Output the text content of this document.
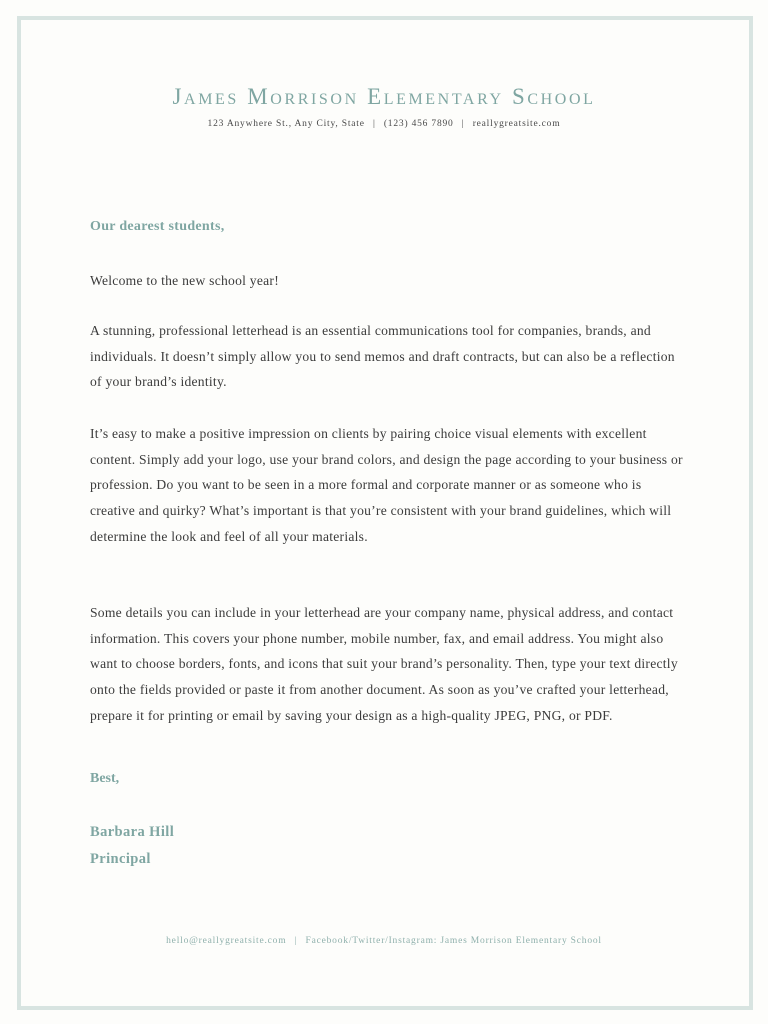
James Morrison Elementary School
123 Anywhere St., Any City, State | (123) 456 7890 | reallygreatsite.com
Our dearest students,

Welcome to the new school year!

A stunning, professional letterhead is an essential communications tool for companies, brands, and individuals. It doesn’t simply allow you to send memos and draft contracts, but can also be a reflection of your brand’s identity.

It’s easy to make a positive impression on clients by pairing choice visual elements with excellent content. Simply add your logo, use your brand colors, and design the page according to your business or profession. Do you want to be seen in a more formal and corporate manner or as someone who is creative and quirky? What’s important is that you’re consistent with your brand guidelines, which will determine the look and feel of all your materials.

Some details you can include in your letterhead are your company name, physical address, and contact information. This covers your phone number, mobile number, fax, and email address. You might also want to choose borders, fonts, and icons that suit your brand’s personality. Then, type your text directly onto the fields provided or paste it from another document. As soon as you’ve crafted your letterhead, prepare it for printing or email by saving your design as a high-quality JPEG, PNG, or PDF.

Best,
Barbara Hill
Principal
hello@reallygreatsite.com | Facebook/Twitter/Instagram: James Morrison Elementary School
